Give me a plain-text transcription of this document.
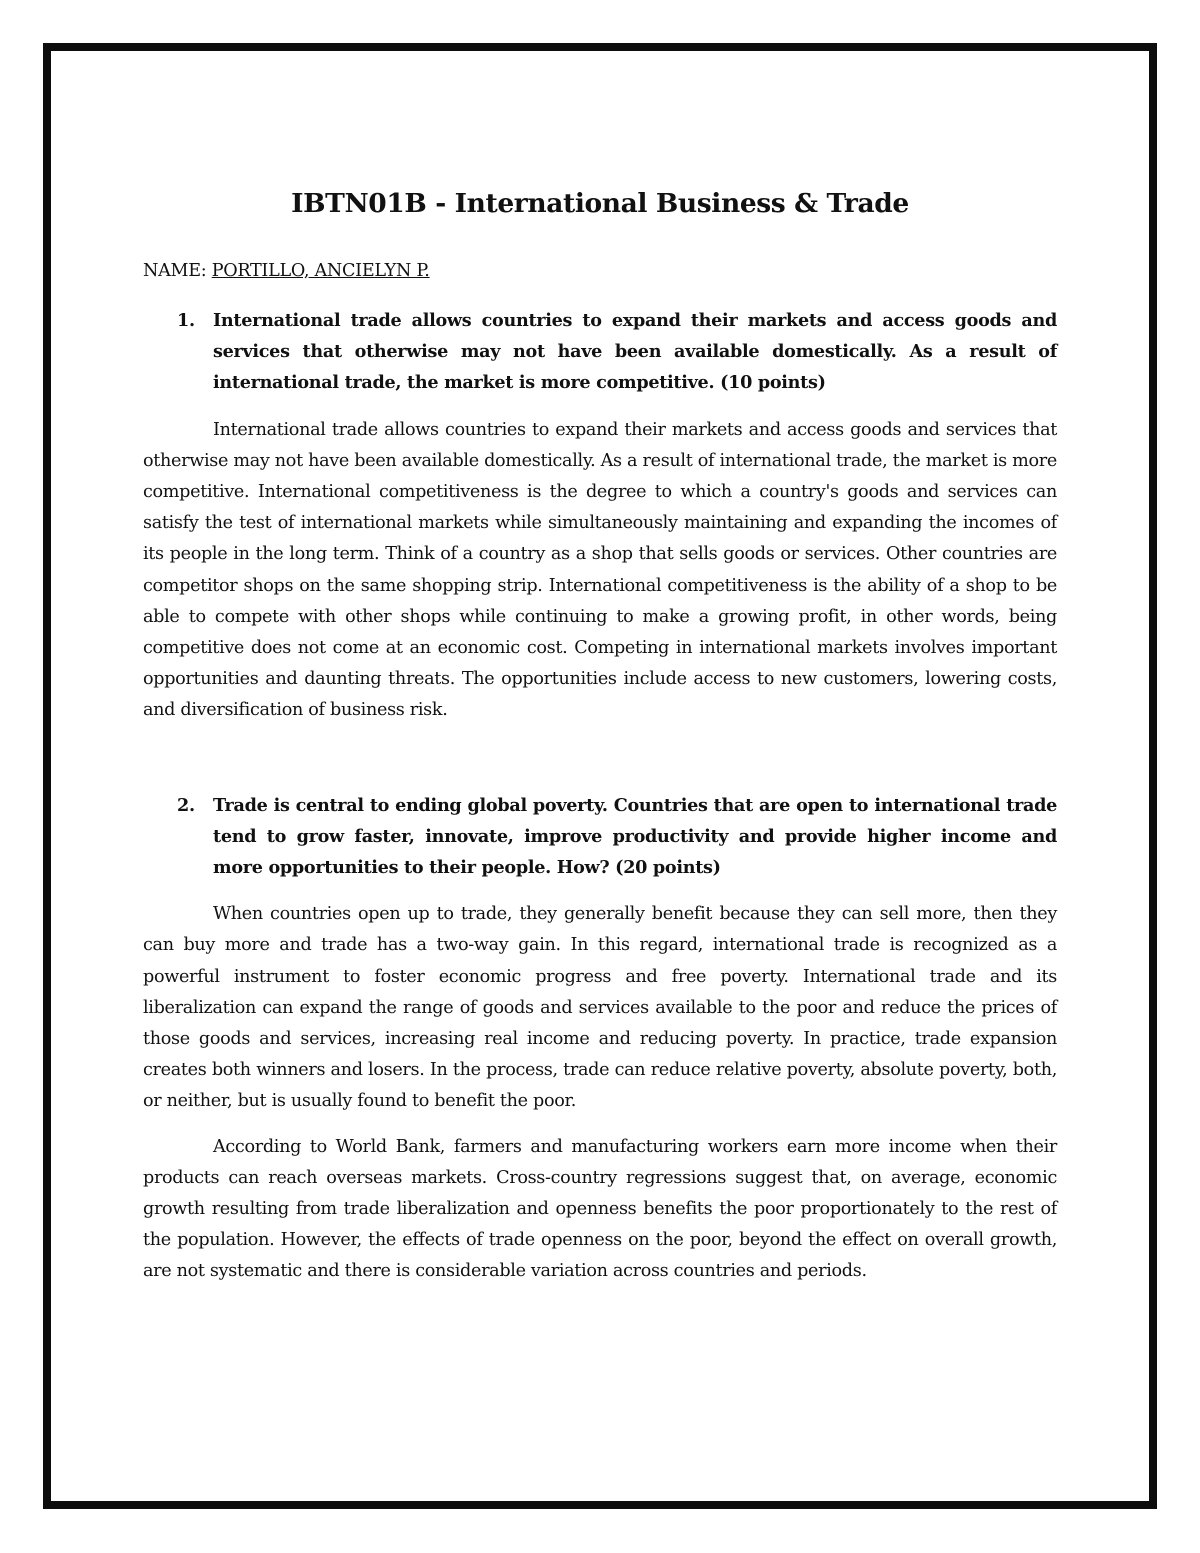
IBTN01B - International Business & Trade
NAME: PORTILLO, ANCIELYN P.
1.	International trade allows countries to expand their markets and access goods and services that otherwise may not have been available domestically. As a result of international trade, the market is more competitive. (10 points)

International trade allows countries to expand their markets and access goods and services that otherwise may not have been available domestically. As a result of international trade, the market is more competitive. International competitiveness is the degree to which a country's goods and services can satisfy the test of international markets while simultaneously maintaining and expanding the incomes of its people in the long term. Think of a country as a shop that sells goods or services. Other countries are competitor shops on the same shopping strip. International competitiveness is the ability of a shop to be able to compete with other shops while continuing to make a growing profit, in other words, being competitive does not come at an economic cost. Competing in international markets involves important opportunities and daunting threats. The opportunities include access to new customers, lowering costs, and diversification of business risk.

2.	Trade is central to ending global poverty. Countries that are open to international trade tend to grow faster, innovate, improve productivity and provide higher income and more opportunities to their people. How? (20 points)

When countries open up to trade, they generally benefit because they can sell more, then they can buy more and trade has a two-way gain. In this regard, international trade is recognized as a powerful instrument to foster economic progress and free poverty. International trade and its liberalization can expand the range of goods and services available to the poor and reduce the prices of those goods and services, increasing real income and reducing poverty. In practice, trade expansion creates both winners and losers. In the process, trade can reduce relative poverty, absolute poverty, both, or neither, but is usually found to benefit the poor.

According to World Bank, farmers and manufacturing workers earn more income when their products can reach overseas markets. Cross-country regressions suggest that, on average, economic growth resulting from trade liberalization and openness benefits the poor proportionately to the rest of the population. However, the effects of trade openness on the poor, beyond the effect on overall growth, are not systematic and there is considerable variation across countries and periods.
